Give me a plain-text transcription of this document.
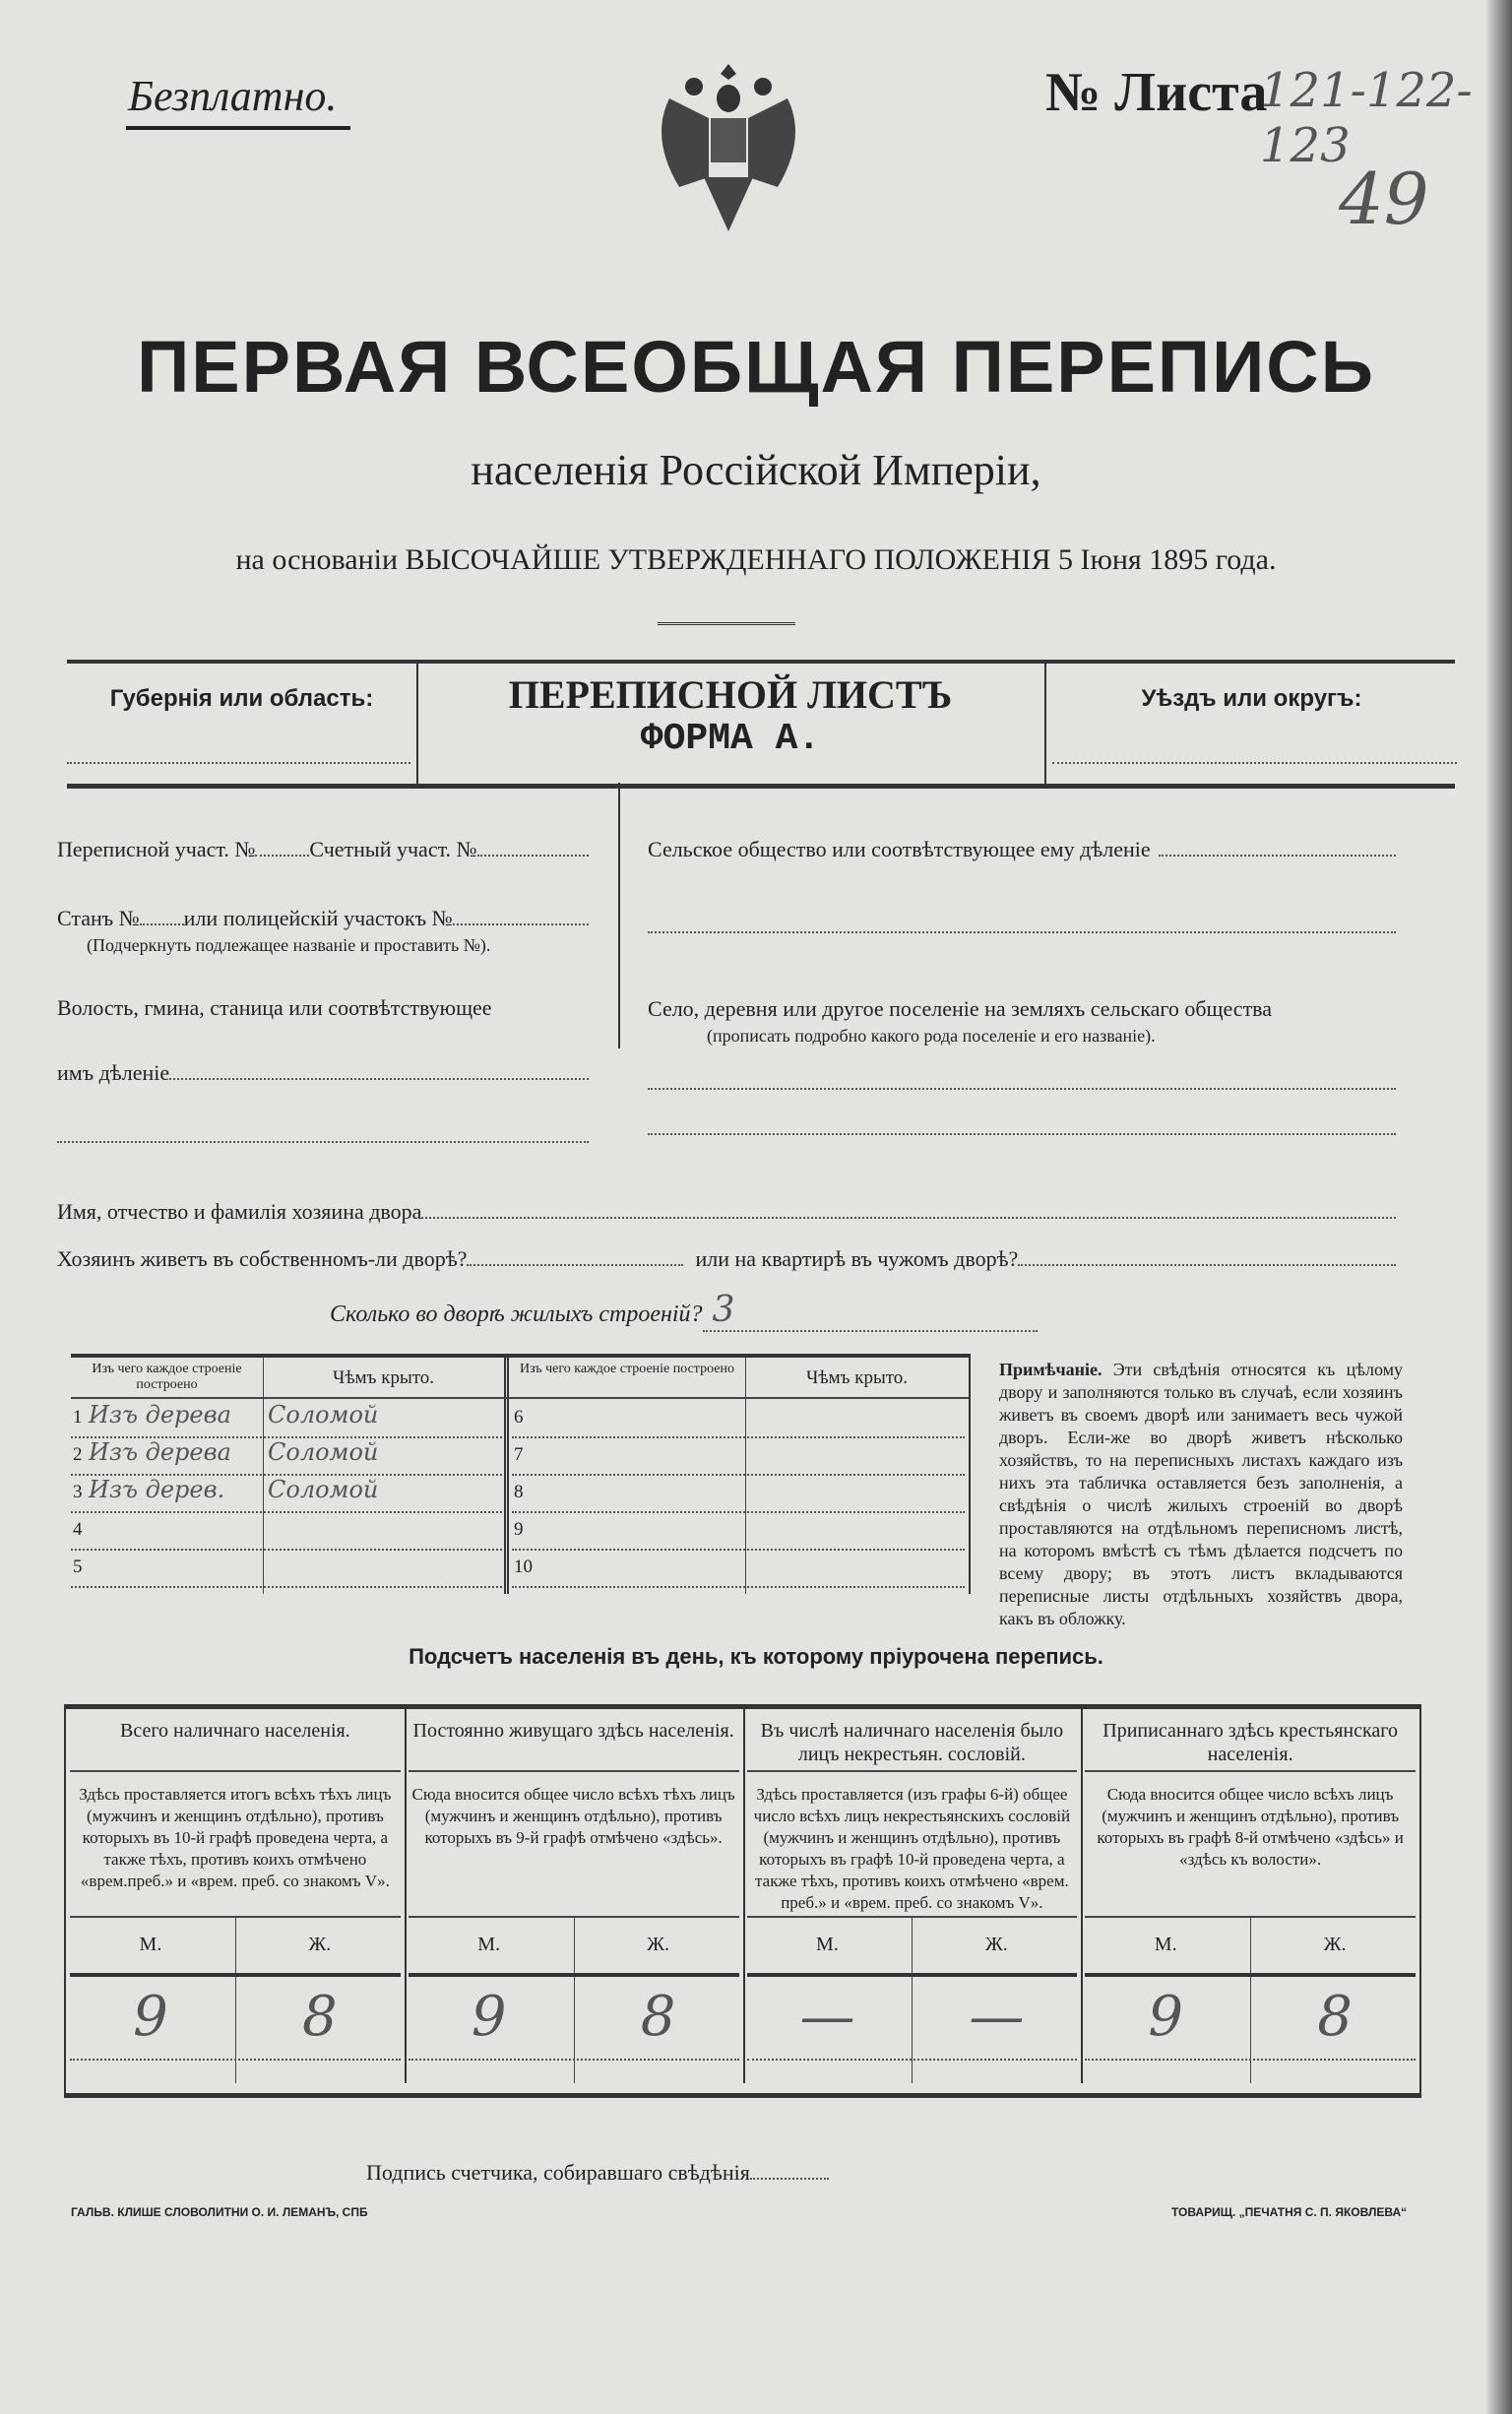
Безплатно.	№ Листа
121-122-123
49
ПЕРВАЯ ВСЕОБЩАЯ ПЕРЕПИСЬ
населенія Россійской Имперіи,
на основаніи ВЫСОЧАЙШЕ УТВЕРЖДЕННАГО ПОЛОЖЕНІЯ 5 Іюня 1895 года.
Губернія или область:	ПЕРЕПИСНОЙ ЛИСТЪ
ФОРМА А.
Уѣздъ или округъ:
Переписной участ. №	Счетный участ. №
Станъ № или полицейскій участокъ №
(Подчеркнуть подлежащее названіе и проставить №).
Волость, гмина, станица или соотвѣтствующее
имъ дѣленіе
Сельское общество или соотвѣтствующее ему дѣленіе
Село, деревня или другое поселеніе на земляхъ сельскаго общества
(прописать подробно какого рода поселеніе и его названіе).
Имя, отчество и фамилія хозяина двора
Хозяинъ живетъ въ собственномъ-ли дворѣ?	или на квартирѣ въ чужомъ дворѣ?
Сколько во дворѣ жилыхъ строеній? 3
Изъ чего каждое строеніе построено	Чѣмъ крыто.	Изъ чего каждое строеніе построено	Чѣмъ крыто.
1 Изъ дерева	Соломой
2 Изъ дерева	Соломой
3 Изъ дерев.	Соломой
4
5
6
7
8
9
10

Примѣчаніе. Эти свѣдѣнія относятся къ цѣлому двору и заполняются только въ случаѣ, если хозяинъ живетъ въ своемъ дворѣ или занимаетъ весь чужой дворъ. Если-же во дворѣ живетъ нѣсколько хозяйствъ, то на переписныхъ листахъ каждаго изъ нихъ эта табличка оставляется безъ заполненія, а свѣдѣнія о числѣ жилыхъ строеній во дворѣ проставляются на отдѣльномъ переписномъ листѣ, на которомъ вмѣстѣ съ тѣмъ дѣлается подсчетъ по всему двору; въ этотъ листъ вкладываются переписные листы отдѣльныхъ хозяйствъ двора, какъ въ обложку.

Подсчетъ населенія въ день, къ которому пріурочена перепись.
Всего наличнаго населенія.
Здѣсь проставляется итогъ всѣхъ тѣхъ лицъ (мужчинъ и женщинъ отдѣльно), противъ которыхъ въ 10-й графѣ проведена черта, а также тѣхъ, противъ коихъ отмѣчено «врем.преб.» и «врем. преб. со знакомъ V».
М.	Ж.
9	8
Постоянно живущаго здѣсь населенія.
Сюда вносится общее число всѣхъ тѣхъ лицъ (мужчинъ и женщинъ отдѣльно), противъ которыхъ въ 9-й графѣ отмѣчено «здѣсь».
М.	Ж.
9	8
Въ числѣ наличнаго населенія было лицъ некрестьян. сословій.
Здѣсь проставляется (изъ графы 6-й) общее число всѣхъ лицъ некрестьянскихъ сословій (мужчинъ и женщинъ отдѣльно), противъ которыхъ въ графѣ 10-й проведена черта, а также тѣхъ, противъ коихъ отмѣчено «врем. преб.» и «врем. преб. со знакомъ V».
М.	Ж.
—	—
Приписаннаго здѣсь крестьянскаго населенія.
Сюда вносится общее число всѣхъ лицъ (мужчинъ и женщинъ отдѣльно), противъ которыхъ въ графѣ 8-й отмѣчено «здѣсь» и «здѣсь къ волости».
М.	Ж.
9	8
Подпись счетчика, собиравшаго свѣдѣнія
ГАЛЬВ. КЛИШЕ СЛОВОЛИТНИ О. И. ЛЕМАНЪ, СПБ	ТОВАРИЩ. „ПЕЧАТНЯ С. П. ЯКОВЛЕВА“
